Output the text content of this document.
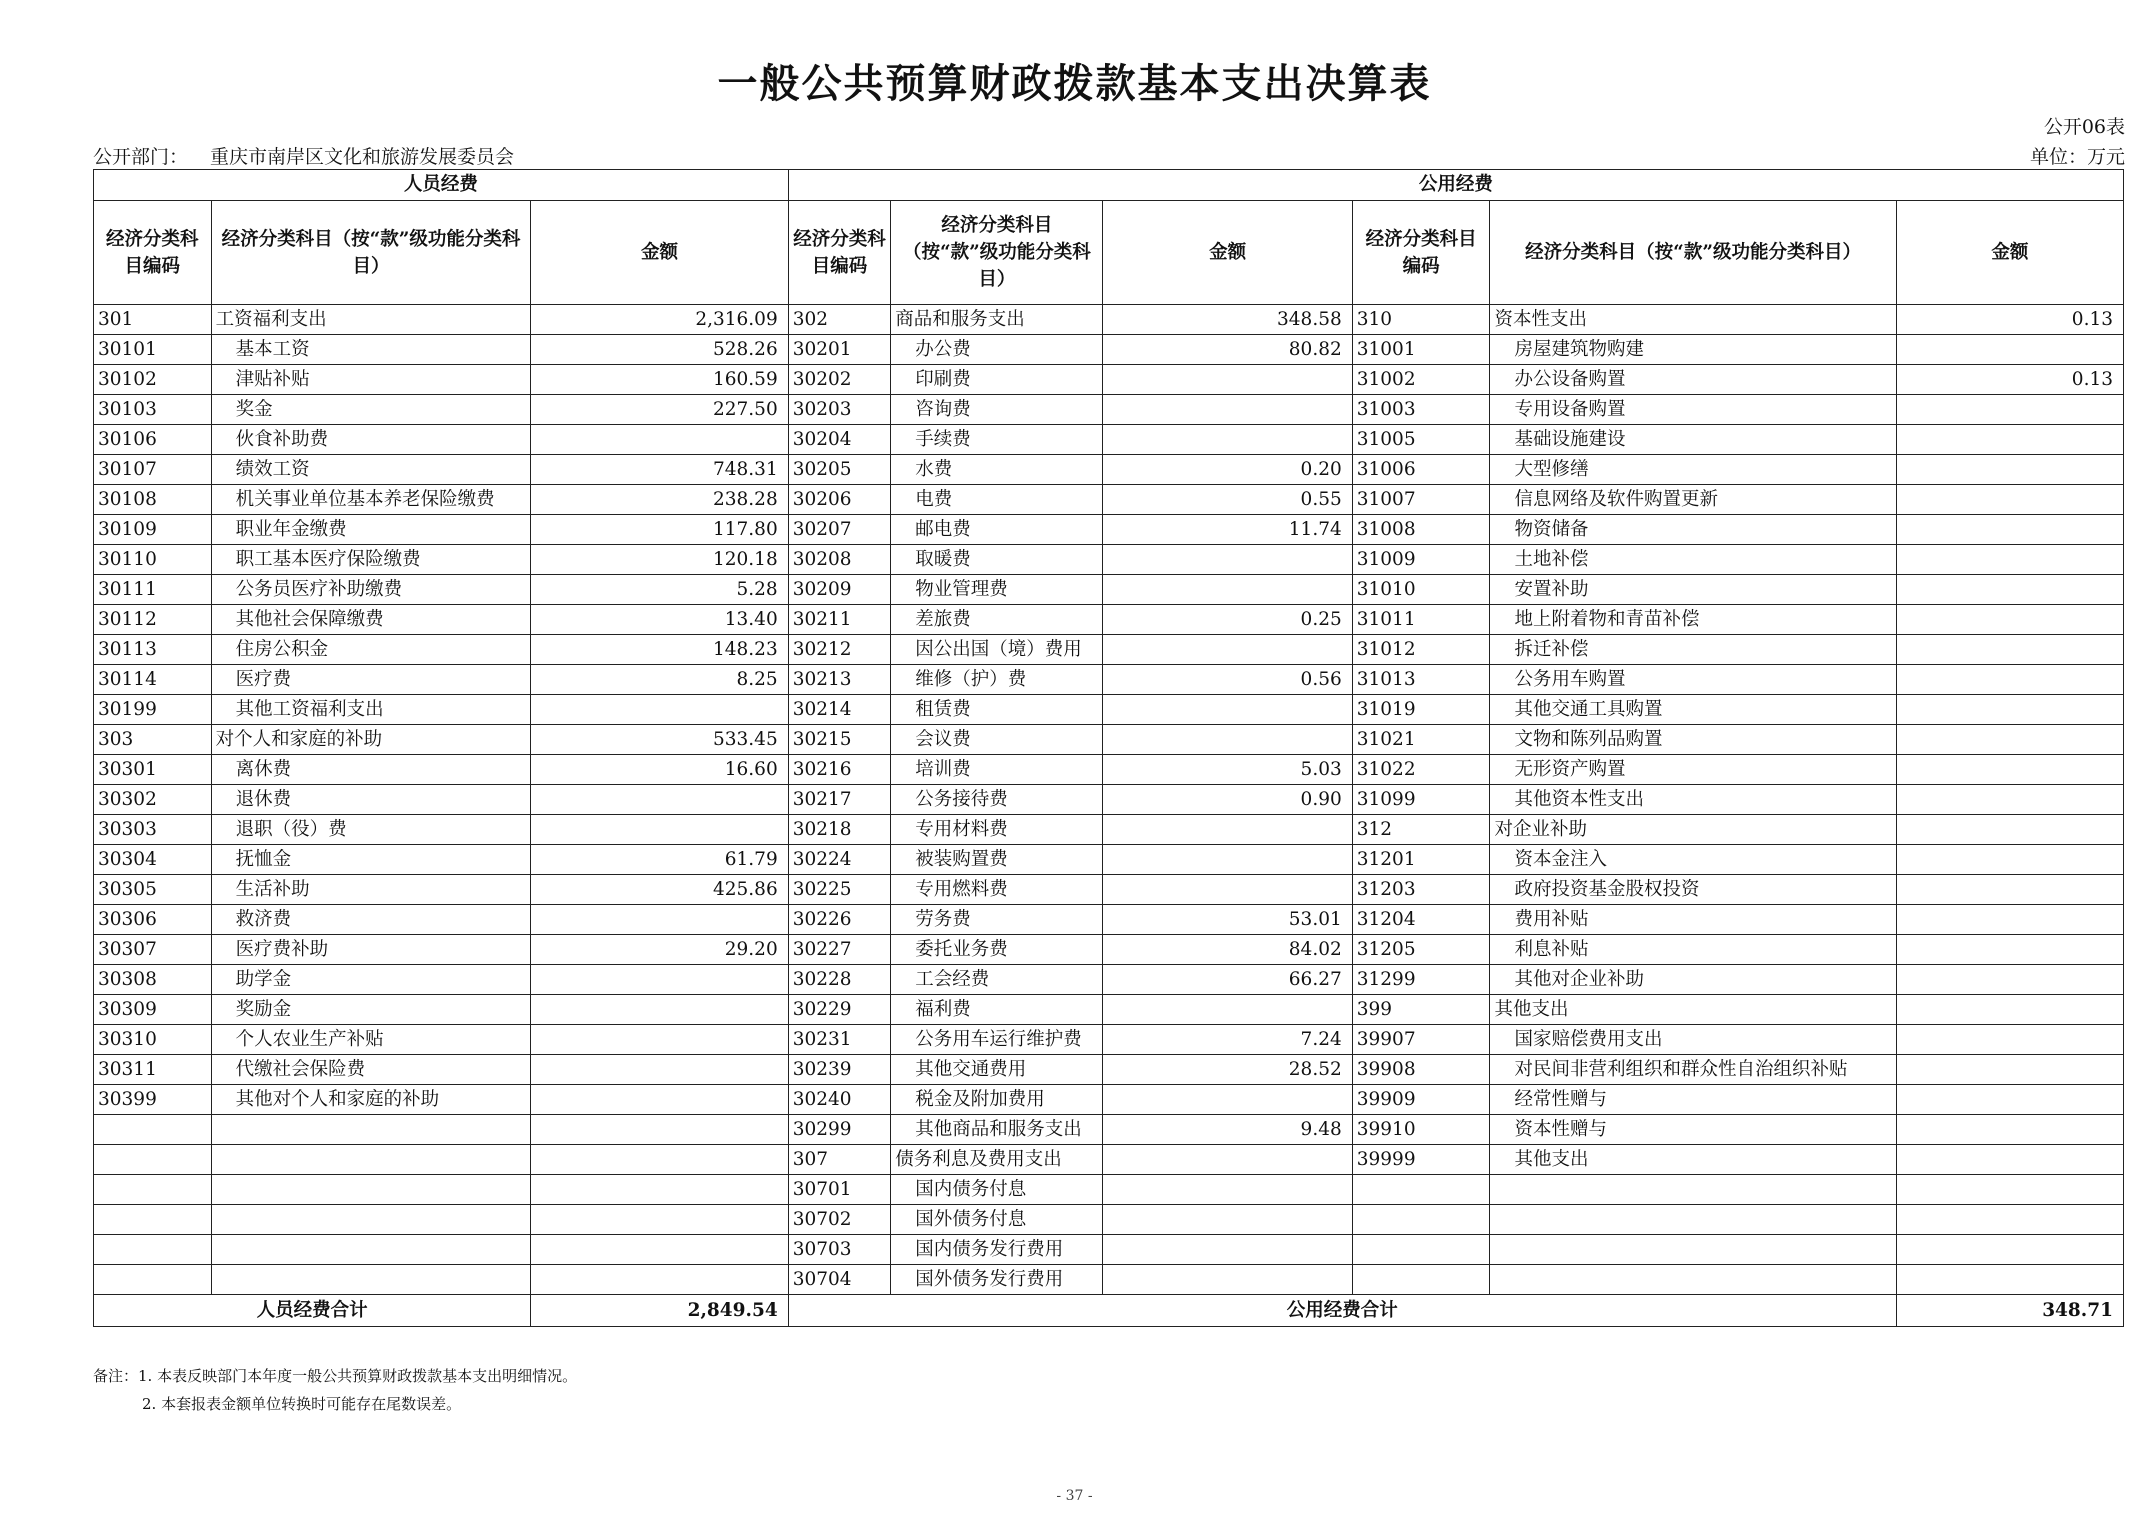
一般公共预算财政拨款基本支出决算表
公开06表
公开部门： 重庆市南岸区文化和旅游发展委员会	单位：万元
人员经费			公用经费					
经济分类科目编码	经济分类科目（按“款”级功能分类科目）	金额	经济分类科目编码	经济分类科目（按“款”级功能分类科目）	金额	经济分类科目编码	经济分类科目（按“款”级功能分类科目）	金额
301	工资福利支出	2,316.09	302	商品和服务支出	348.58	310	资本性支出	0.13
30101	基本工资	528.26	30201	办公费	80.82	31001	房屋建筑物购建	
30102	津贴补贴	160.59	30202	印刷费		31002	办公设备购置	0.13
30103	奖金	227.50	30203	咨询费		31003	专用设备购置	
30106	伙食补助费		30204	手续费		31005	基础设施建设	
30107	绩效工资	748.31	30205	水费	0.20	31006	大型修缮	
30108	机关事业单位基本养老保险缴费	238.28	30206	电费	0.55	31007	信息网络及软件购置更新	
30109	职业年金缴费	117.80	30207	邮电费	11.74	31008	物资储备	
30110	职工基本医疗保险缴费	120.18	30208	取暖费		31009	土地补偿	
30111	公务员医疗补助缴费	5.28	30209	物业管理费		31010	安置补助	
30112	其他社会保障缴费	13.40	30211	差旅费	0.25	31011	地上附着物和青苗补偿	
30113	住房公积金	148.23	30212	因公出国（境）费用		31012	拆迁补偿	
30114	医疗费	8.25	30213	维修（护）费	0.56	31013	公务用车购置	
30199	其他工资福利支出		30214	租赁费		31019	其他交通工具购置	
303	对个人和家庭的补助	533.45	30215	会议费		31021	文物和陈列品购置	
30301	离休费	16.60	30216	培训费	5.03	31022	无形资产购置	
30302	退休费		30217	公务接待费	0.90	31099	其他资本性支出	
30303	退职（役）费		30218	专用材料费		312	对企业补助	
30304	抚恤金	61.79	30224	被装购置费		31201	资本金注入	
30305	生活补助	425.86	30225	专用燃料费		31203	政府投资基金股权投资	
30306	救济费		30226	劳务费	53.01	31204	费用补贴	
30307	医疗费补助	29.20	30227	委托业务费	84.02	31205	利息补贴	
30308	助学金		30228	工会经费	66.27	31299	其他对企业补助	
30309	奖励金		30229	福利费		399	其他支出	
30310	个人农业生产补贴		30231	公务用车运行维护费	7.24	39907	国家赔偿费用支出	
30311	代缴社会保险费		30239	其他交通费用	28.52	39908	对民间非营利组织和群众性自治组织补贴	
30399	其他对个人和家庭的补助		30240	税金及附加费用		39909	经常性赠与	
			30299	其他商品和服务支出	9.48	39910	资本性赠与	
			307	债务利息及费用支出		39999	其他支出	
			30701	国内债务付息				
			30702	国外债务付息				
			30703	国内债务发行费用				
			30704	国外债务发行费用				
人员经费合计		2,849.54	公用经费合计					348.71
备注：1. 本表反映部门本年度一般公共预算财政拨款基本支出明细情况。
2. 本套报表金额单位转换时可能存在尾数误差。
- 37 -
